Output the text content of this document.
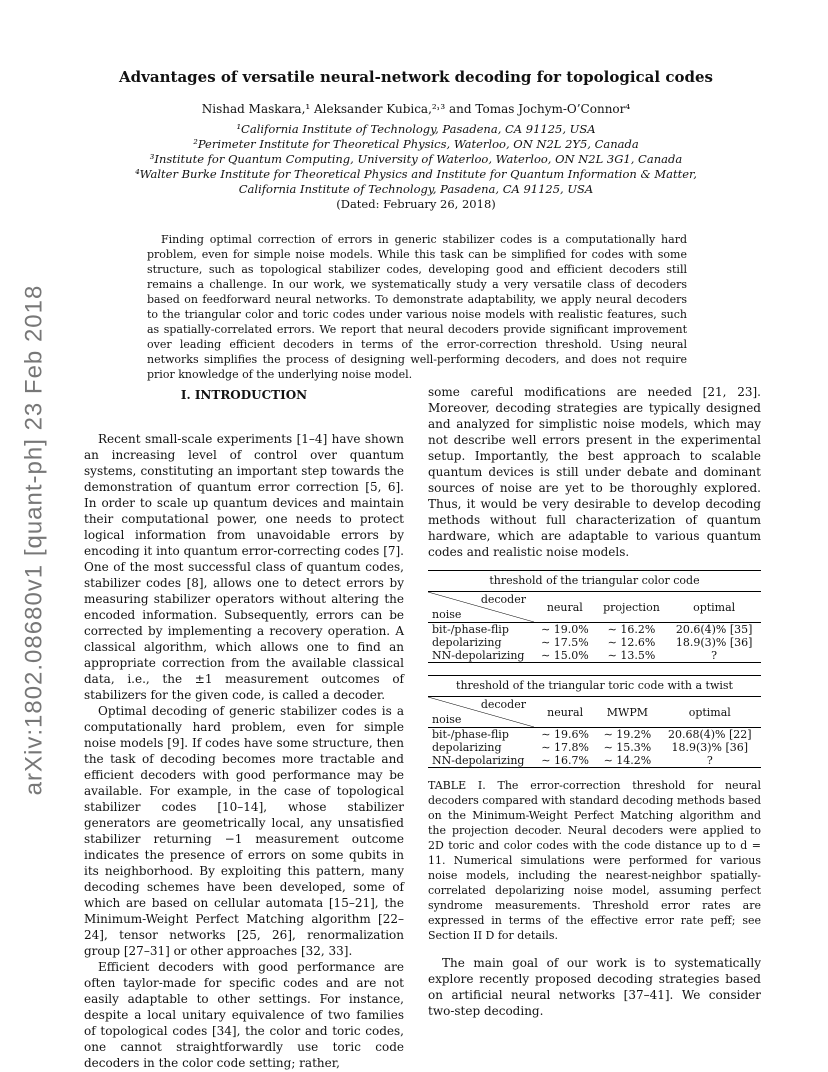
arXiv:1802.08680v1 [quant-ph] 23 Feb 2018
Advantages of versatile neural-network decoding for topological codes
Nishad Maskara,¹ Aleksander Kubica,²˒³ and Tomas Jochym-O’Connor⁴
¹California Institute of Technology, Pasadena, CA 91125, USA
²Perimeter Institute for Theoretical Physics, Waterloo, ON N2L 2Y5, Canada
³Institute for Quantum Computing, University of Waterloo, Waterloo, ON N2L 3G1, Canada
⁴Walter Burke Institute for Theoretical Physics and Institute for Quantum Information & Matter,
California Institute of Technology, Pasadena, CA 91125, USA
(Dated: February 26, 2018)
Finding optimal correction of errors in generic stabilizer codes is a computationally hard problem, even for simple noise models. While this task can be simplified for codes with some structure, such as topological stabilizer codes, developing good and efficient decoders still remains a challenge. In our work, we systematically study a very versatile class of decoders based on feedforward neural networks. To demonstrate adaptability, we apply neural decoders to the triangular color and toric codes under various noise models with realistic features, such as spatially-correlated errors. We report that neural decoders provide significant improvement over leading efficient decoders in terms of the error-correction threshold. Using neural networks simplifies the process of designing well-performing decoders, and does not require prior knowledge of the underlying noise model.
I. INTRODUCTION

Recent small-scale experiments [1–4] have shown an increasing level of control over quantum systems, constituting an important step towards the demonstration of quantum error correction [5, 6]. In order to scale up quantum devices and maintain their computational power, one needs to protect logical information from unavoidable errors by encoding it into quantum error-correcting codes [7]. One of the most successful class of quantum codes, stabilizer codes [8], allows one to detect errors by measuring stabilizer operators without altering the encoded information. Subsequently, errors can be corrected by implementing a recovery operation. A classical algorithm, which allows one to find an appropriate correction from the available classical data, i.e., the ±1 measurement outcomes of stabilizers for the given code, is called a decoder.

Optimal decoding of generic stabilizer codes is a computationally hard problem, even for simple noise models [9]. If codes have some structure, then the task of decoding becomes more tractable and efficient decoders with good performance may be available. For example, in the case of topological stabilizer codes [10–14], whose stabilizer generators are geometrically local, any unsatisfied stabilizer returning −1 measurement outcome indicates the presence of errors on some qubits in its neighborhood. By exploiting this pattern, many decoding schemes have been developed, some of which are based on cellular automata [15–21], the Minimum-Weight Perfect Matching algorithm [22–24], tensor networks [25, 26], renormalization group [27–31] or other approaches [32, 33].

Efficient decoders with good performance are often taylor-made for specific codes and are not easily adaptable to other settings. For instance, despite a local unitary equivalence of two families of topological codes [34], the color and toric codes, one cannot straightforwardly use toric code decoders in the color code setting; rather,

some careful modifications are needed [21, 23]. Moreover, decoding strategies are typically designed and analyzed for simplistic noise models, which may not describe well errors present in the experimental setup. Importantly, the best approach to scalable quantum devices is still under debate and dominant sources of noise are yet to be thoroughly explored. Thus, it would be very desirable to develop decoding methods without full characterization of quantum hardware, which are adaptable to various quantum codes and realistic noise models.

threshold of the triangular color code
decoder
noise	neural	projection	optimal
bit-/phase-flip	∼ 19.0%	∼ 16.2%	20.6(4)% [35]
depolarizing	∼ 17.5%	∼ 12.6%	18.9(3)% [36]
NN-depolarizing	∼ 15.0%	∼ 13.5%	?
threshold of the triangular toric code with a twist
decoder
noise	neural	MWPM	optimal
bit-/phase-flip	∼ 19.6%	∼ 19.2%	20.68(4)% [22]
depolarizing	∼ 17.8%	∼ 15.3%	18.9(3)% [36]
NN-depolarizing	∼ 16.7%	∼ 14.2%	?
TABLE I. The error-correction threshold for neural decoders compared with standard decoding methods based on the Minimum-Weight Perfect Matching algorithm and the projection decoder. Neural decoders were applied to 2D toric and color codes with the code distance up to d = 11. Numerical simulations were performed for various noise models, including the nearest-neighbor spatially-correlated depolarizing noise model, assuming perfect syndrome measurements. Threshold error rates are expressed in terms of the effective error rate peff; see Section II D for details.

The main goal of our work is to systematically explore recently proposed decoding strategies based on artificial neural networks [37–41]. We consider two-step decoding.
